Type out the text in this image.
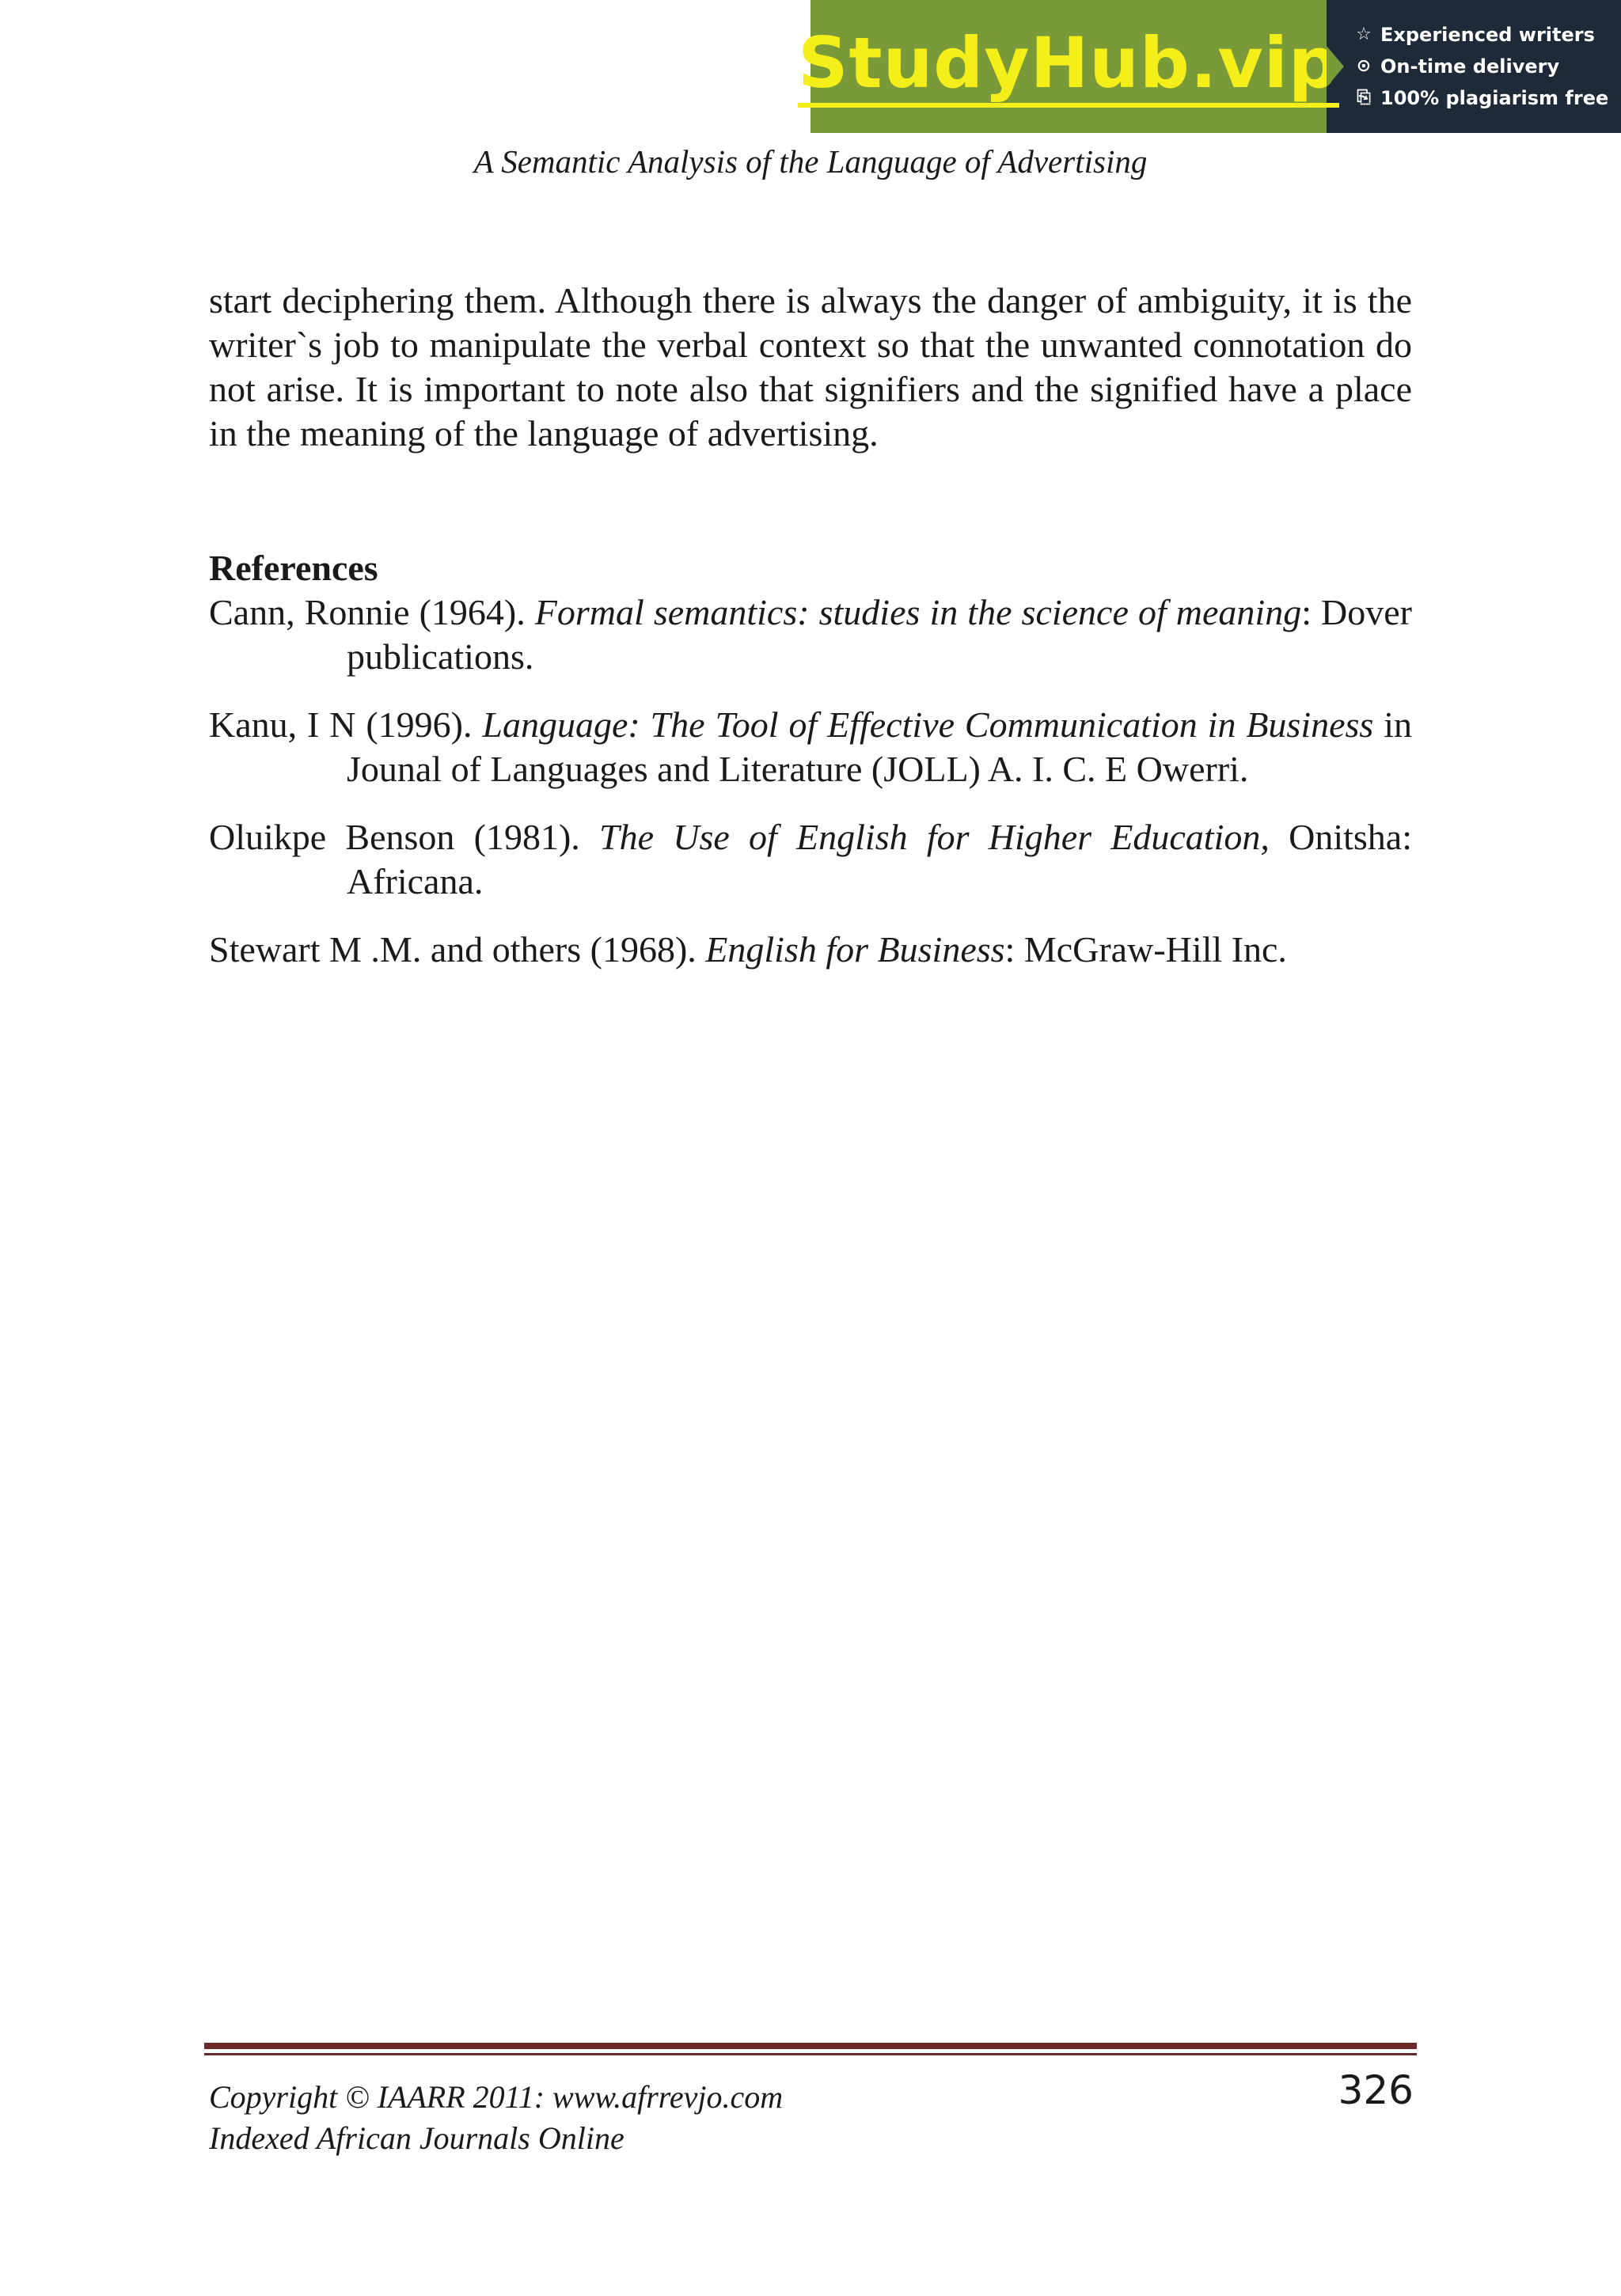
StudyHub.vip ☆ Experienced writers
⊙ On-time delivery
⎘ 100% plagiarism free
A Semantic Analysis of the Language of Advertising

start deciphering them. Although there is always the danger of ambiguity, it is the writer`s job to manipulate the verbal context so that the unwanted connotation do not arise. It is important to note also that signifiers and the signified have a place in the meaning of the language of advertising.

References

Cann, Ronnie (1964). Formal semantics: studies in the science of meaning: Dover publications.

Kanu, I N (1996). Language: The Tool of Effective Communication in Business in Jounal of Languages and Literature (JOLL) A. I. C. E Owerri.

Oluikpe Benson (1981). The Use of English for Higher Education, Onitsha: Africana.

Stewart M .M. and others (1968). English for Business: McGraw-Hill Inc.

Copyright © IAARR 2011: www.afrrevjo.com
Indexed African Journals Online
326
